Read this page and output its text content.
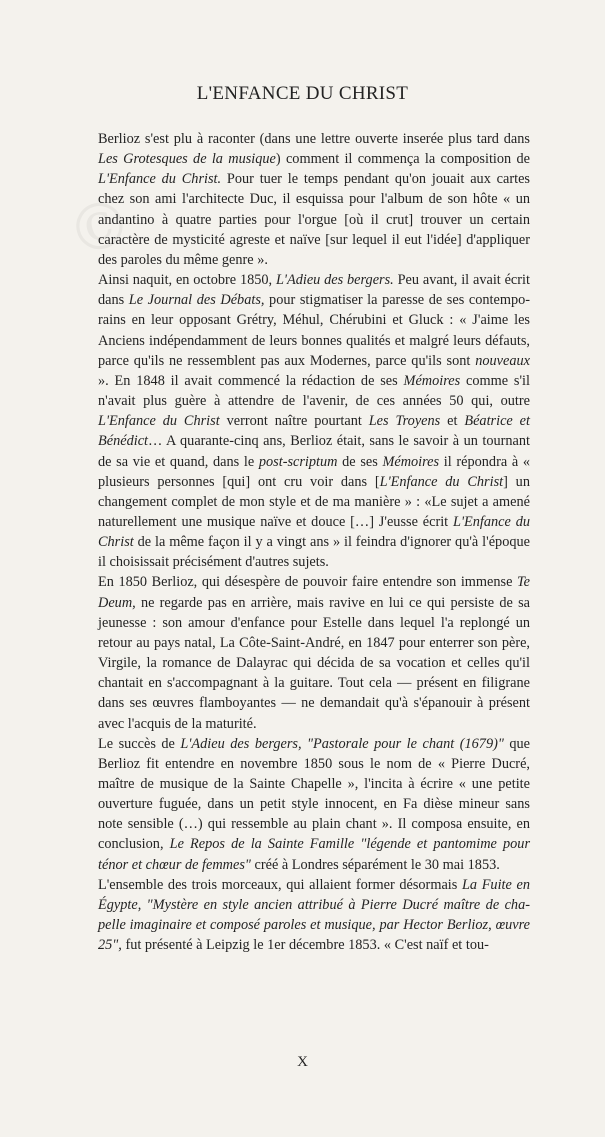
L'ENFANCE DU CHRIST

Berlioz s'est plu à raconter (dans une lettre ouverte inserée plus tard dans Les Grotesques de la musique) comment il commença la composition de L'Enfance du Christ. Pour tuer le temps pendant qu'on jouait aux cartes chez son ami l'architecte Duc, il esquissa pour l'album de son hôte « un andantino à quatre parties pour l'orgue [où il crut] trouver un certain caractère de mysticité agreste et naïve [sur lequel il eut l'idée] d'appliquer des paroles du même genre ».

Ainsi naquit, en octobre 1850, L'Adieu des bergers. Peu avant, il avait écrit dans Le Journal des Débats, pour stigmatiser la paresse de ses contemporains en leur opposant Grétry, Méhul, Chérubini et Gluck : « J'aime les Anciens indépendamment de leurs bonnes qualités et malgré leurs défauts, parce qu'ils ne ressemblent pas aux Modernes, parce qu'ils sont nouveaux ». En 1848 il avait commencé la rédaction de ses Mémoires comme s'il n'avait plus guère à attendre de l'avenir, de ces années 50 qui, outre L'Enfance du Christ verront naître pourtant Les Troyens et Béatrice et Bénédict… A quarante-cinq ans, Berlioz était, sans le savoir à un tournant de sa vie et quand, dans le post-scriptum de ses Mémoires il répondra à « plusieurs personnes [qui] ont cru voir dans [L'Enfance du Christ] un changement complet de mon style et de ma manière » : «Le sujet a amené naturellement une musique naïve et douce […] J'eusse écrit L'Enfance du Christ de la même façon il y a vingt ans » il feindra d'ignorer qu'à l'époque il choisissait précisément d'autres sujets.

En 1850 Berlioz, qui désespère de pouvoir faire entendre son immense Te Deum, ne regarde pas en arrière, mais ravive en lui ce qui persiste de sa jeunesse : son amour d'enfance pour Estelle dans lequel l'a replongé un retour au pays natal, La Côte-Saint-André, en 1847 pour enterrer son père, Virgile, la romance de Dalayrac qui décida de sa vocation et celles qu'il chantait en s'accompagnant à la guitare. Tout cela — présent en filigrane dans ses œuvres flamboyantes — ne demandait qu'à s'épanouir à présent avec l'acquis de la maturité.

Le succès de L'Adieu des bergers, "Pastorale pour le chant (1679)" que Berlioz fit entendre en novembre 1850 sous le nom de « Pierre Ducré, maître de musique de la Sainte Chapelle », l'incita à écrire « une petite ouverture fuguée, dans un petit style innocent, en Fa dièse mineur sans note sensible (…) qui ressemble au plain chant ». Il composa ensuite, en conclusion, Le Repos de la Sainte Famille "légende et pantomime pour ténor et chœur de femmes" créé à Londres séparément le 30 mai 1853.

L'ensemble des trois morceaux, qui allaient former désormais La Fuite en Égypte, "Mystère en style ancien attribué à Pierre Ducré maître de chapelle imaginaire et composé paroles et musique, par Hector Berlioz, œuvre 25", fut présenté à Leipzig le 1er décembre 1853. « C'est naïf et tou-

X
